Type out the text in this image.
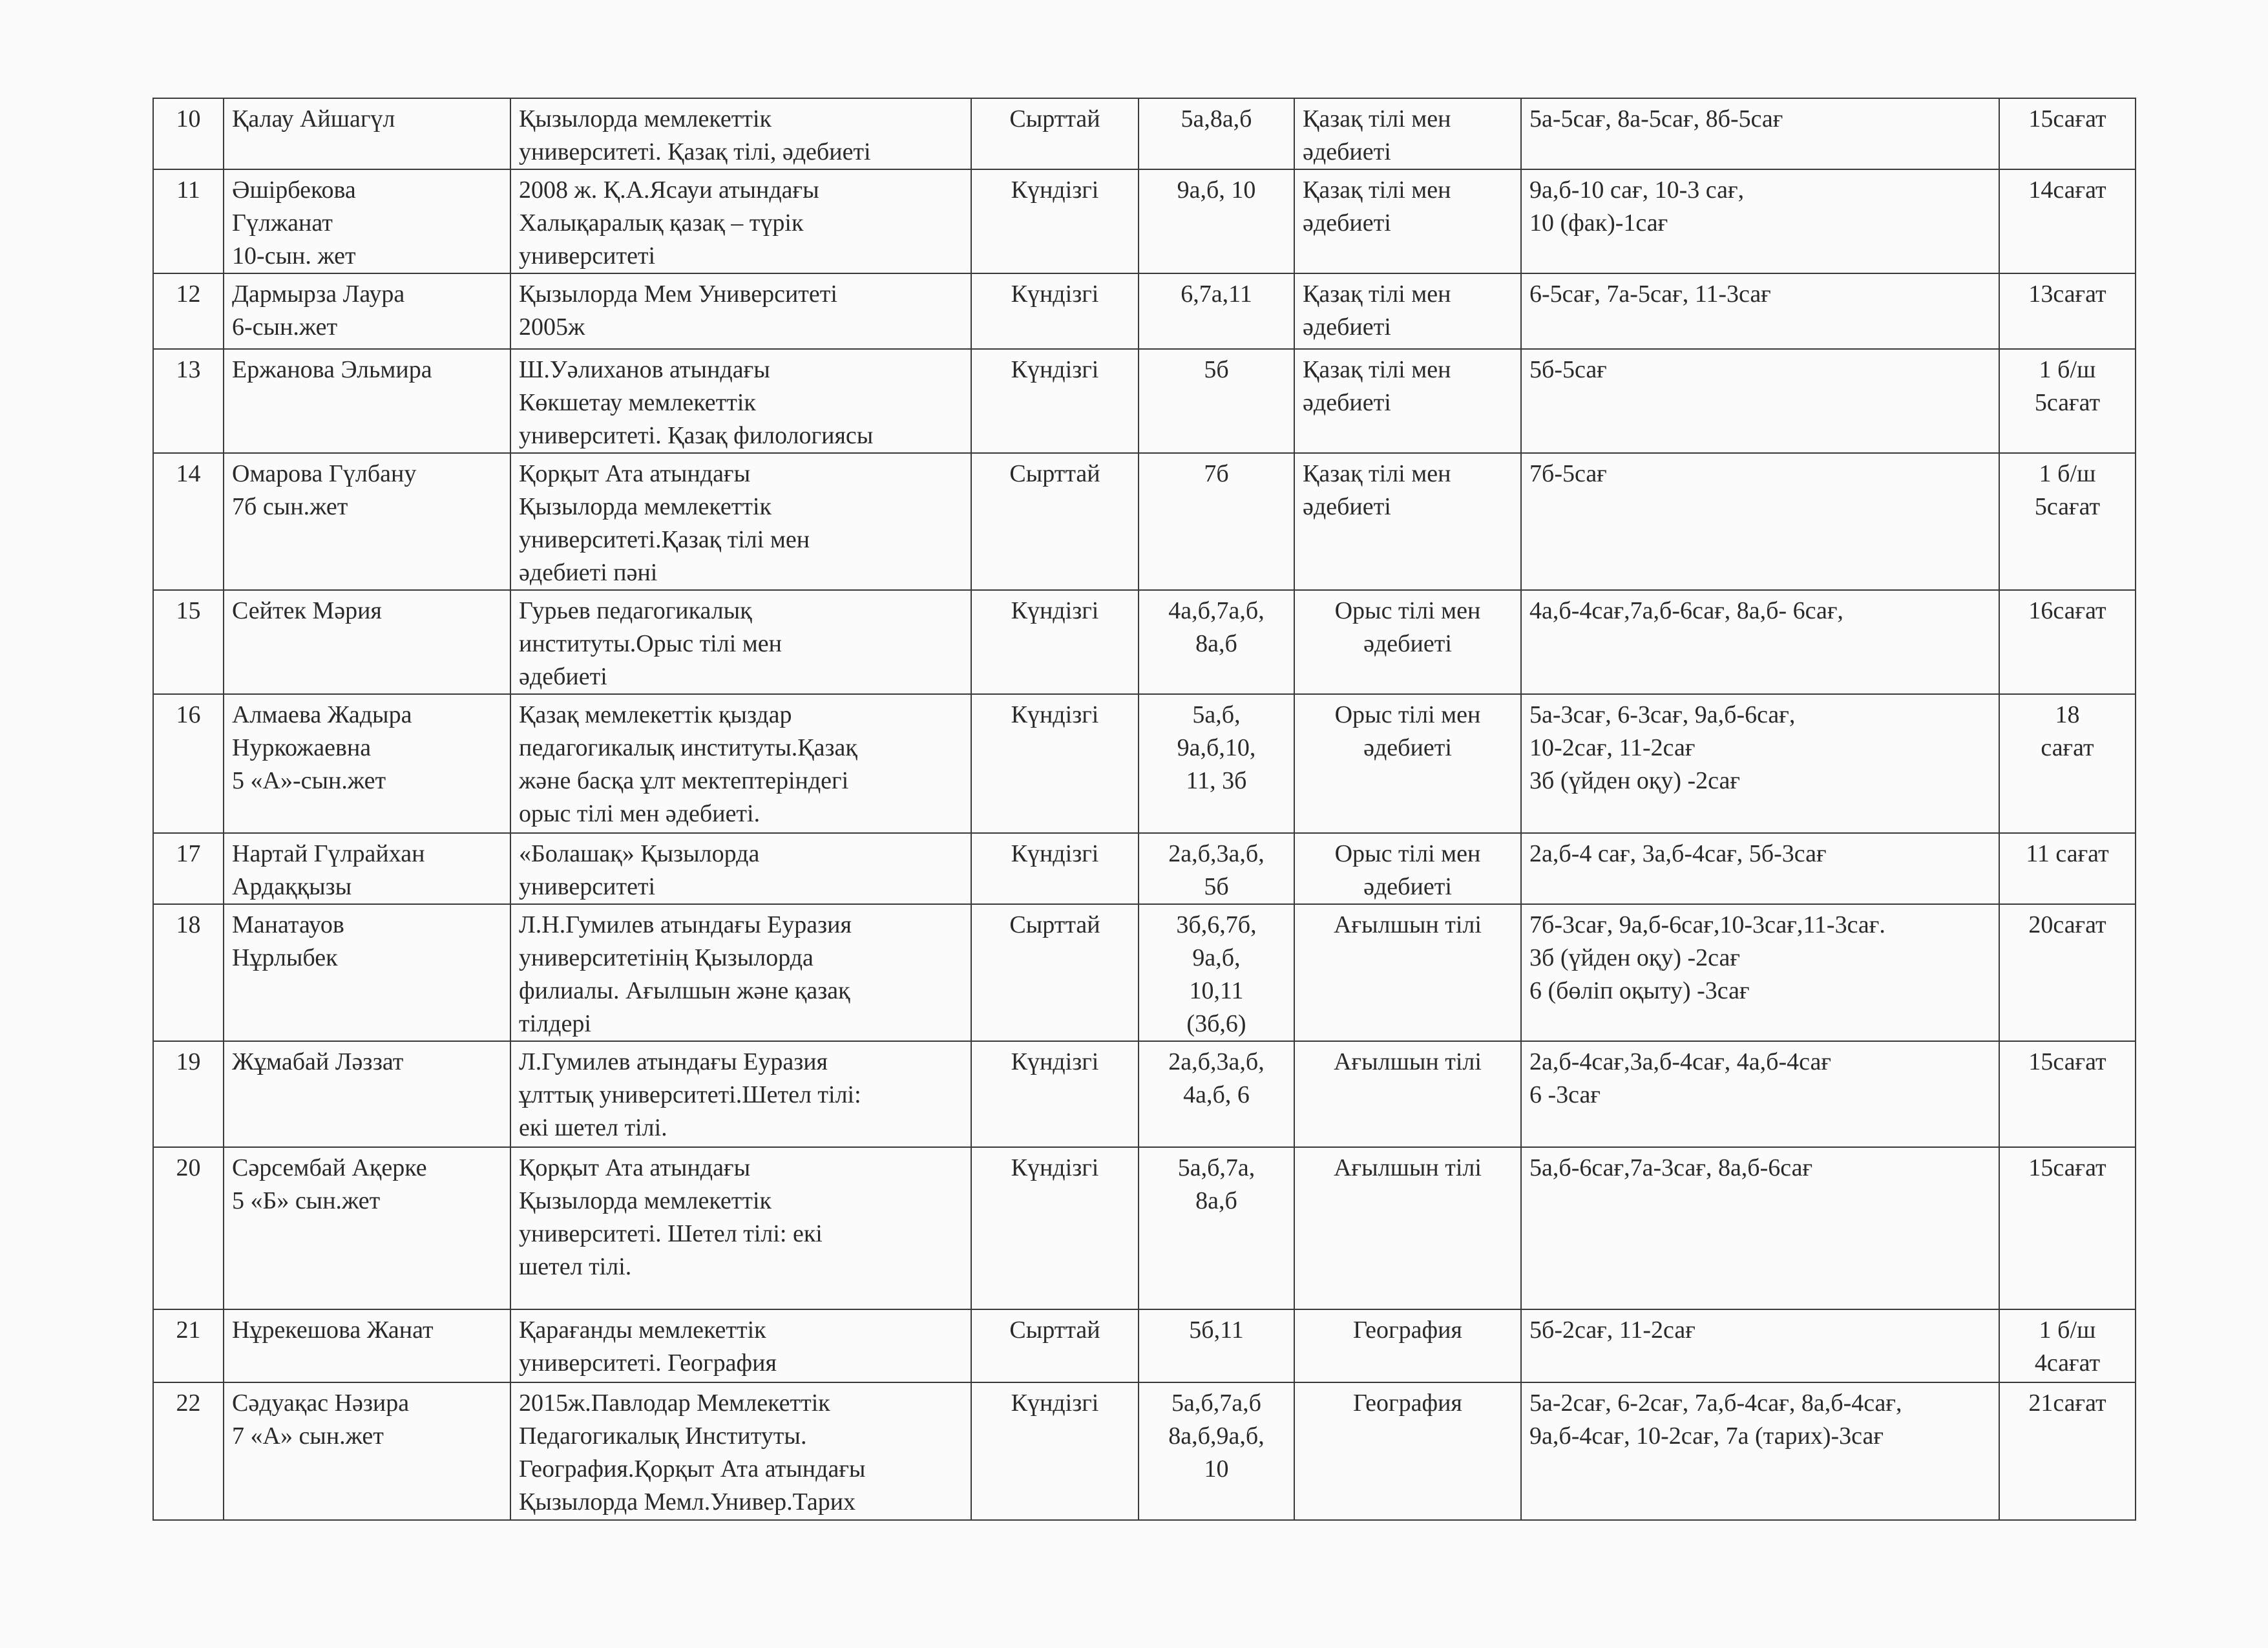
10	Қалау Айшагүл	Қызылорда мемлекеттік
университеті. Қазақ тілі, әдебиеті	Сырттай	5а,8а,б	Қазақ тілі мен
әдебиеті	5а-5сағ, 8а-5сағ, 8б-5сағ	15сағат
11	Әшірбекова
Гүлжанат
10-сын. жет	2008 ж. Қ.А.Ясауи атындағы
Халықаралық қазақ – түрік
университеті	Күндізгі	9а,б, 10	Қазақ тілі мен
әдебиеті	9а,б-10 сағ, 10-3 сағ,
10 (фак)-1сағ	14сағат
12	Дармырза Лаура
6-сын.жет	Қызылорда Мем Университеті
2005ж	Күндізгі	6,7а,11	Қазақ тілі мен
әдебиеті	6-5сағ, 7а-5сағ, 11-3сағ	13сағат
13	Ержанова Эльмира	Ш.Уәлиханов атындағы
Көкшетау мемлекеттік
университеті. Қазақ филологиясы	Күндізгі	5б	Қазақ тілі мен
әдебиеті	5б-5сағ	1 б/ш
5сағат
14	Омарова Гүлбану
7б сын.жет	Қорқыт Ата атындағы
Қызылорда мемлекеттік
университеті.Қазақ тілі мен
әдебиеті пәні	Сырттай	7б	Қазақ тілі мен
әдебиеті	7б-5сағ	1 б/ш
5сағат
15	Сейтек Мәрия	Гурьев педагогикалық
институты.Орыс тілі мен
әдебиеті	Күндізгі	4а,б,7а,б,
8а,б	Орыс тілі мен
әдебиеті	4а,б-4сағ,7а,б-6сағ, 8а,б- 6сағ,	16сағат
16	Алмаева Жадыра
Нуркожаевна
5 «А»-сын.жет	Қазақ мемлекеттік қыздар
педагогикалық институты.Қазақ
және басқа ұлт мектептеріндегі
орыс тілі мен әдебиеті.	Күндізгі	5а,б,
9а,б,10,
11, 3б	Орыс тілі мен
әдебиеті	5а-3сағ, 6-3сағ, 9а,б-6сағ,
10-2сағ, 11-2сағ
3б (үйден оқу) -2сағ	18
сағат
17	Нартай Гүлрайхан
Ардаққызы	«Болашақ» Қызылорда
университеті	Күндізгі	2а,б,3а,б,
5б	Орыс тілі мен
әдебиеті	2а,б-4 сағ, 3а,б-4сағ, 5б-3сағ	11 сағат
18	Манатауов
Нұрлыбек	Л.Н.Гумилев атындағы Еуразия
университетінің Қызылорда
филиалы. Ағылшын және қазақ
тілдері	Сырттай	3б,6,7б,
9а,б,
10,11
(3б,6)	Ағылшын тілі	7б-3сағ, 9а,б-6сағ,10-3сағ,11-3сағ.
3б (үйден оқу) -2сағ
6 (бөліп оқыту) -3сағ	20сағат
19	Жұмабай Ләззат	Л.Гумилев атындағы Еуразия
ұлттық университеті.Шетел тілі:
екі шетел тілі.	Күндізгі	2а,б,3а,б,
4а,б, 6	Ағылшын тілі	2а,б-4сағ,3а,б-4сағ, 4а,б-4сағ
6 -3сағ	15сағат
20	Сәрсембай Ақерке
5 «Б» сын.жет	Қорқыт Ата атындағы
Қызылорда мемлекеттік
университеті. Шетел тілі: екі
шетел тілі.	Күндізгі	5а,б,7а,
8а,б	Ағылшын тілі	5а,б-6сағ,7а-3сағ, 8а,б-6сағ	15сағат
21	Нұрекешова Жанат	Қарағанды мемлекеттік
университеті. География	Сырттай	5б,11	География	5б-2сағ, 11-2сағ	1 б/ш
4сағат
22	Сәдуақас Нәзира
7 «А» сын.жет	2015ж.Павлодар Мемлекеттік
Педагогикалық Институты.
География.Қорқыт Ата атындағы
Қызылорда Мемл.Универ.Тарих	Күндізгі	5а,б,7а,б
8а,б,9а,б,
10	География	5а-2сағ, 6-2сағ, 7а,б-4сағ, 8а,б-4сағ,
9а,б-4сағ, 10-2сағ, 7а (тарих)-3сағ	21сағат
